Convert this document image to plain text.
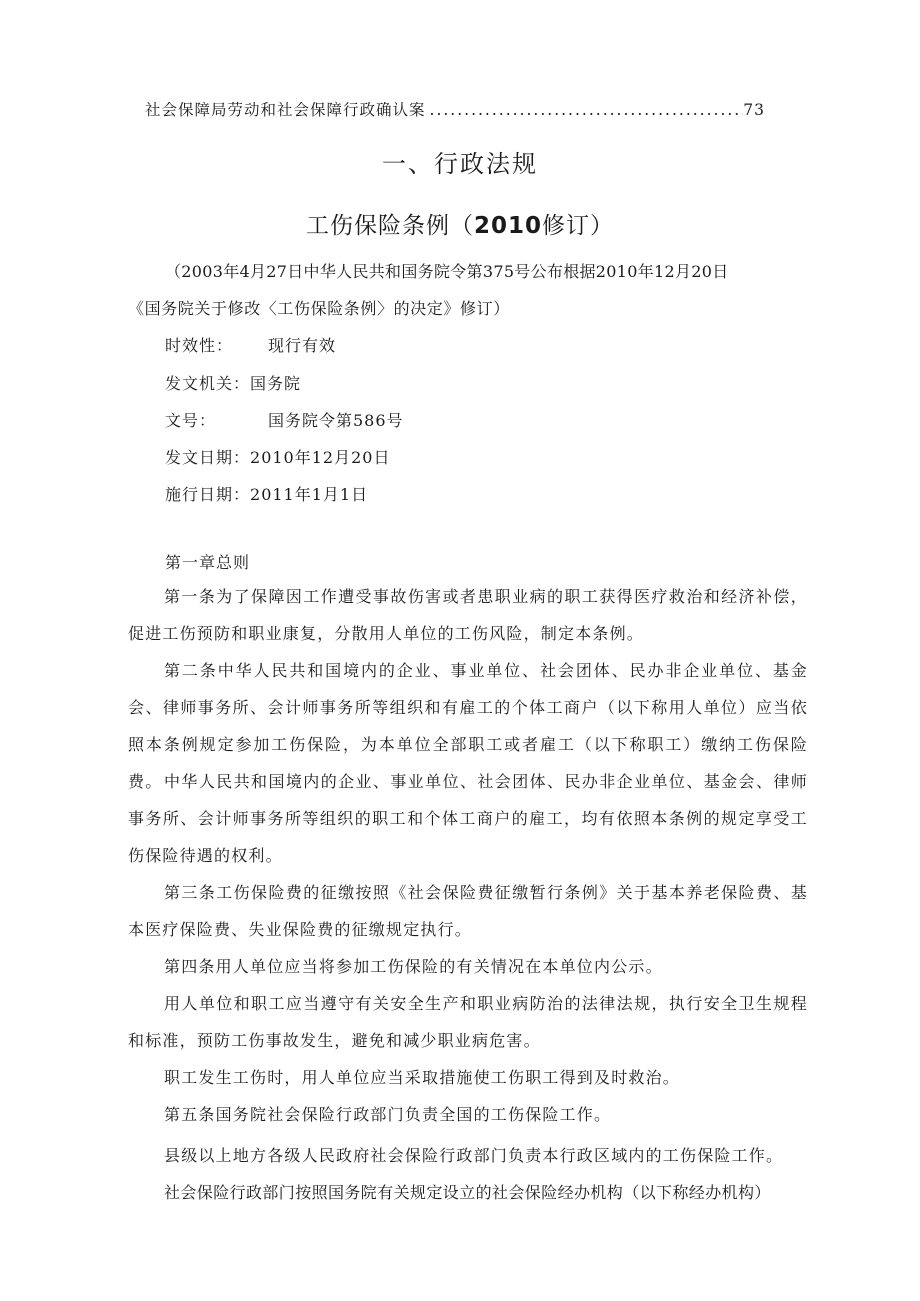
社会保障局劳动和社会保障行政确认案
.....	73
一、行政法规
工伤保险条例（2010修订）
（2003年4月27日中华人民共和国务院令第375号公布根据2010年12月20日
《国务院关于修改〈工伤保险条例〉的决定》修订）
时效性： 现行有效
发文机关：国务院
文号：	国务院令第586号
发文日期：2010年12月20日
施行日期：2011年1月1日
第一章总则
第一条为了保障因工作遭受事故伤害或者患职业病的职工获得医疗救治和经济补偿，促进工伤预防和职业康复，分散用人单位的工伤风险，制定本条例。
第二条中华人民共和国境内的企业、事业单位、社会团体、民办非企业单位、基金会、律师事务所、会计师事务所等组织和有雇工的个体工商户（以下称用人单位）应当依照本条例规定参加工伤保险，为本单位全部职工或者雇工（以下称职工）缴纳工伤保险费。 中华人民共和国境内的企业、事业单位、社会团体、民办非企业单位、基金会、律师事务所、会计师事务所等组织的职工和个体工商户的雇工，均有依照本条例的规定享受工伤保险待遇的权利。
第三条工伤保险费的征缴按照《社会保险费征缴暂行条例》关于基本养老保险费、基本医疗保险费、失业保险费的征缴规定执行。
第四条用人单位应当将参加工伤保险的有关情况在本单位内公示。
用人单位和职工应当遵守有关安全生产和职业病防治的法律法规，执行安全卫生规程和标准，预防工伤事故发生，避免和减少职业病危害。
职工发生工伤时，用人单位应当采取措施使工伤职工得到及时救治。
第五条国务院社会保险行政部门负责全国的工伤保险工作。
县级以上地方各级人民政府社会保险行政部门负责本行政区域内的工伤保险工作。
社会保险行政部门按照国务院有关规定设立的社会保险经办机构（以下称经办机构）
